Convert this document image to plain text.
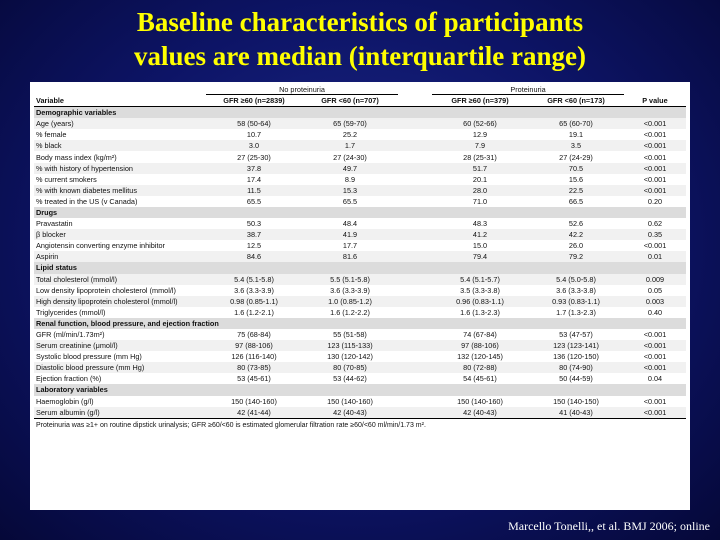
Baseline characteristics of participants
values are median (interquartile range)
	No proteinuria			Proteinuria		
Variable	GFR ≥60 (n=2839)	GFR <60 (n=707)		GFR ≥60 (n=379)	GFR <60 (n=173)	P value
Demographic variables						
Age (years)	58 (50-64)	65 (59-70)		60 (52-66)	65 (60-70)	<0.001
% female	10.7	25.2		12.9	19.1	<0.001
% black	3.0	1.7		7.9	3.5	<0.001
Body mass index (kg/m²)	27 (25-30)	27 (24-30)		28 (25-31)	27 (24-29)	<0.001
% with history of hypertension	37.8	49.7		51.7	70.5	<0.001
% current smokers	17.4	8.9		20.1	15.6	<0.001
% with known diabetes mellitus	11.5	15.3		28.0	22.5	<0.001
% treated in the US (v Canada)	65.5	65.5		71.0	66.5	0.20
Drugs						
Pravastatin	50.3	48.4		48.3	52.6	0.62
β blocker	38.7	41.9		41.2	42.2	0.35
Angiotensin converting enzyme inhibitor	12.5	17.7		15.0	26.0	<0.001
Aspirin	84.6	81.6		79.4	79.2	0.01
Lipid status						
Total cholesterol (mmol/l)	5.4 (5.1-5.8)	5.5 (5.1-5.8)		5.4 (5.1-5.7)	5.4 (5.0-5.8)	0.009
Low density lipoprotein cholesterol (mmol/l)	3.6 (3.3-3.9)	3.6 (3.3-3.9)		3.5 (3.3-3.8)	3.6 (3.3-3.8)	0.05
High density lipoprotein cholesterol (mmol/l)	0.98 (0.85-1.1)	1.0 (0.85-1.2)		0.96 (0.83-1.1)	0.93 (0.83-1.1)	0.003
Triglycerides (mmol/l)	1.6 (1.2-2.1)	1.6 (1.2-2.2)		1.6 (1.3-2.3)	1.7 (1.3-2.3)	0.40
Renal function, blood pressure, and ejection fraction						
GFR (ml/min/1.73m²)	75 (68-84)	55 (51-58)		74 (67-84)	53 (47-57)	<0.001
Serum creatinine (μmol/l)	97 (88-106)	123 (115-133)		97 (88-106)	123 (123-141)	<0.001
Systolic blood pressure (mm Hg)	126 (116-140)	130 (120-142)		132 (120-145)	136 (120-150)	<0.001
Diastolic blood pressure (mm Hg)	80 (73-85)	80 (70-85)		80 (72-88)	80 (74-90)	<0.001
Ejection fraction (%)	53 (45-61)	53 (44-62)		54 (45-61)	50 (44-59)	0.04
Laboratory variables						
Haemoglobin (g/l)	150 (140-160)	150 (140-160)		150 (140-160)	150 (140-150)	<0.001
Serum albumin (g/l)	42 (41-44)	42 (40-43)		42 (40-43)	41 (40-43)	<0.001
Proteinuria was ≥1+ on routine dipstick urinalysis; GFR ≥60/<60 is estimated glomerular filtration rate ≥60/<60 ml/min/1.73 m².						
Marcello Tonelli,, et al. BMJ 2006; online
